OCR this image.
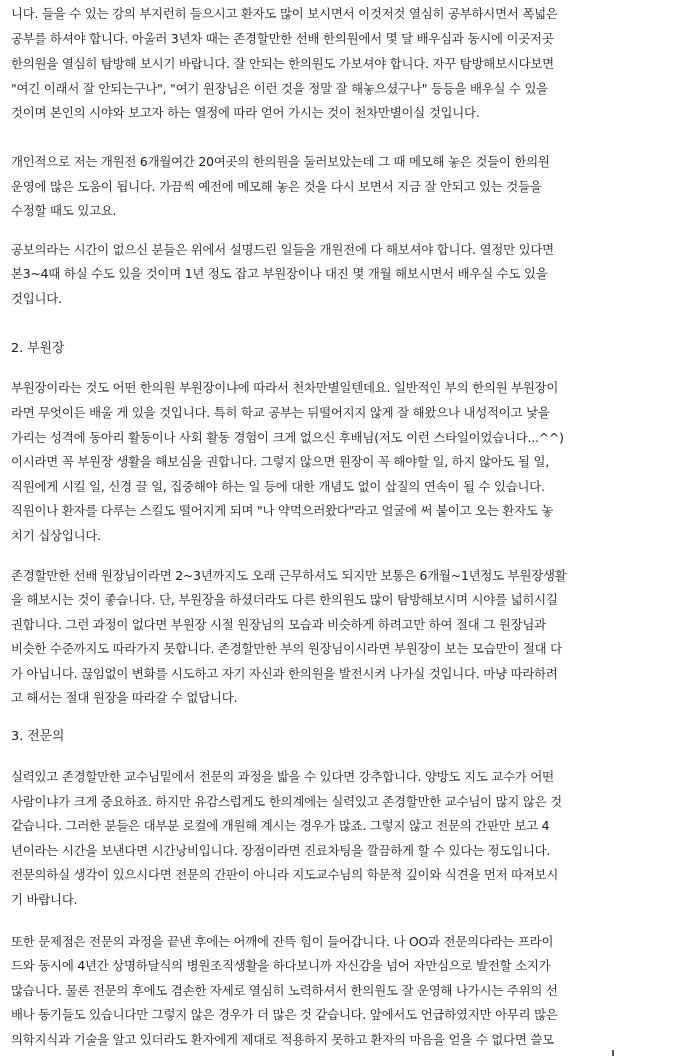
니다. 들을 수 있는 강의 부지런히 들으시고 환자도 많이 보시면서 이것저것 열심히 공부하시면서 폭넓은
공부를 하셔야 합니다. 아울러 3년차 때는 존경할만한 선배 한의원에서 몇 달 배우심과 동시에 이곳저곳
한의원을 열심히 탐방해 보시기 바랍니다. 잘 안되는 한의원도 가보셔야 합니다. 자꾸 탐방해보시다보면
"여긴 이래서 잘 안되는구나", "여기 원장님은 이런 것을 정말 잘 해놓으셨구나" 등등을 배우실 수 있을
것이며 본인의 시야와 보고자 하는 열정에 따라 얻어 가시는 것이 천차만별이실 것입니다.
개인적으로 저는 개원전 6개월여간 20여곳의 한의원을 둘러보았는데 그 때 메모해 놓은 것들이 한의원
운영에 많은 도움이 됩니다. 가끔씩 예전에 메모해 놓은 것을 다시 보면서 지금 잘 안되고 있는 것들을
수정할 때도 있고요.
공보의라는 시간이 없으신 분들은 위에서 설명드린 일들을 개원전에 다 해보셔야 합니다. 열정만 있다면
본3~4때 하실 수도 있을 것이며 1년 정도 잡고 부원장이나 대진 몇 개월 해보시면서 배우실 수도 있을
것입니다.
2. 부원장
부원장이라는 것도 어떤 한의원 부원장이냐에 따라서 천차만별일텐데요. 일반적인 부의 한의원 부원장이
라면 무엇이든 배울 게 있을 것입니다. 특히 학교 공부는 뒤떨어지지 않게 잘 해왔으나 내성적이고 낯을
가리는 성격에 동아리 활동이나 사회 활동 경험이 크게 없으신 후배님(저도 이런 스타일이었습니다...^^)
이시라면 꼭 부원장 생활을 해보심을 권합니다. 그렇지 않으면 원장이 꼭 해야할 일, 하지 않아도 될 일,
직원에게 시킬 일, 신경 끌 일, 집중해야 하는 일 등에 대한 개념도 없이 삽질의 연속이 될 수 있습니다.
직원이나 환자를 다루는 스킬도 떨어지게 되며 "나 약먹으러왔다"라고 얼굴에 써 붙이고 오는 환자도 놓
치기 십상입니다.
존경할만한 선배 원장님이라면 2~3년까지도 오래 근무하셔도 되지만 보통은 6개월~1년정도 부원장생활
을 해보시는 것이 좋습니다. 단, 부원장을 하셨더라도 다른 한의원도 많이 탐방해보시며 시야를 넓히시길
권합니다. 그런 과정이 없다면 부원장 시절 원장님의 모습과 비슷하게 하려고만 하여 절대 그 원장님과
비슷한 수준까지도 따라가지 못합니다. 존경할만한 부의 원장님이시라면 부원장이 보는 모습만이 절대 다
가 아닙니다. 끊임없이 변화를 시도하고 자기 자신과 한의원을 발전시켜 나가실 것입니다. 마냥 따라하려
고 해서는 절대 원장을 따라갈 수 없답니다.
3. 전문의
실력있고 존경할만한 교수님밑에서 전문의 과정을 밟을 수 있다면 강추합니다. 양방도 지도 교수가 어떤
사람이냐가 크게 중요하죠. 하지만 유감스럽게도 한의계에는 실력있고 존경할만한 교수님이 많지 않은 것
같습니다. 그러한 분들은 대부분 로컬에 개원해 계시는 경우가 많죠. 그렇지 않고 전문의 간판만 보고 4
년이라는 시간을 보낸다면 시간낭비입니다. 장점이라면 진료차팅을 깔끔하게 할 수 있다는 정도입니다.
전문의하실 생각이 있으시다면 전문의 간판이 아니라 지도교수님의 학문적 깊이와 식견을 먼저 따져보시
기 바랍니다.
또한 문제점은 전문의 과정을 끝낸 후에는 어깨에 잔뜩 힘이 들어갑니다. 나 OO과 전문의다라는 프라이
드와 동시에 4년간 상명하달식의 병원조직생활을 하다보니까 자신감을 넘어 자만심으로 발전할 소지가
많습니다. 물론 전문의 후에도 겸손한 자세로 열심히 노력하셔서 한의원도 잘 운영해 나가시는 주위의 선
배나 동기들도 있습니다만 그렇지 않은 경우가 더 많은 것 같습니다. 앞에서도 언급하였지만 아무리 많은
의학지식과 기술을 알고 있더라도 환자에게 제대로 적용하지 못하고 환자의 마음을 얻을 수 없다면 쓸모
